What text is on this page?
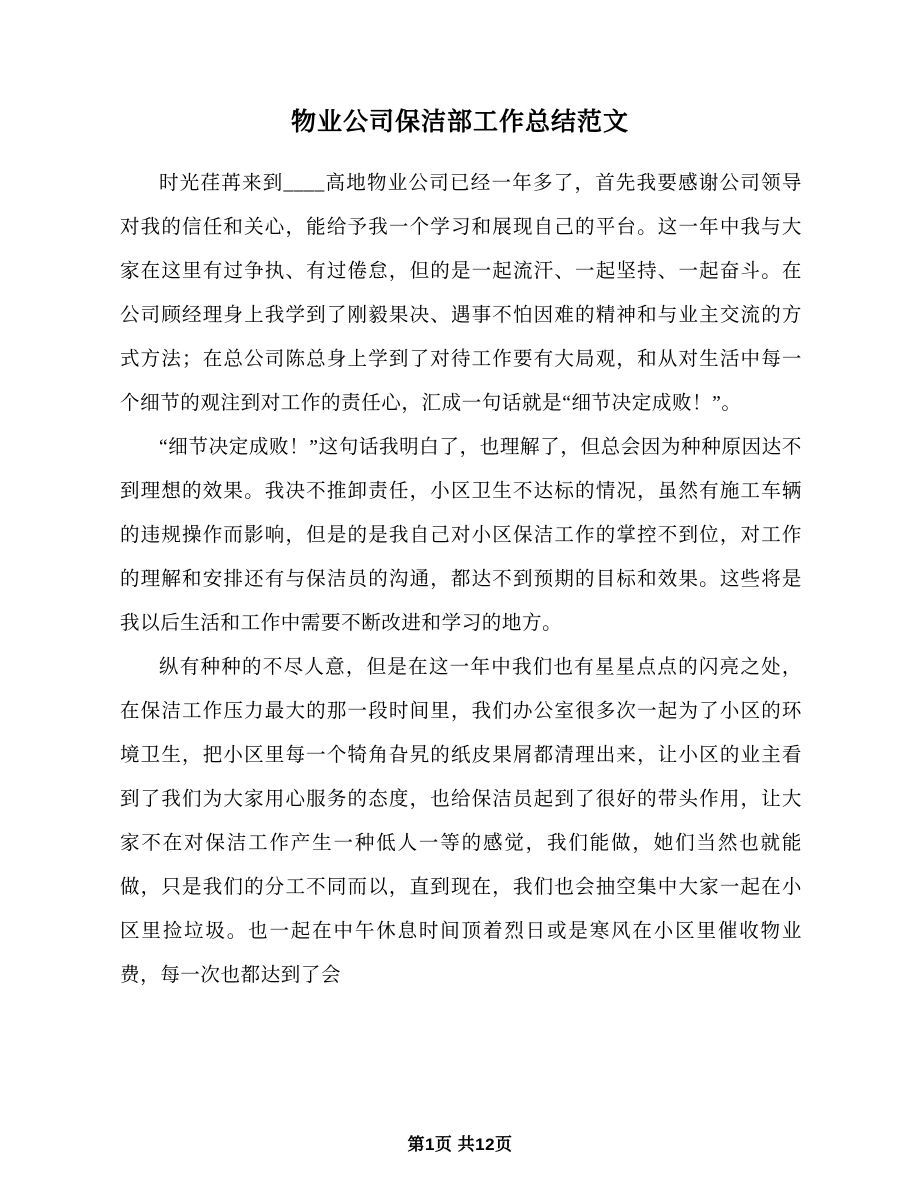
物业公司保洁部工作总结范文

时光荏苒来到____高地物业公司已经一年多了，首先我要感谢公司领导对我的信任和关心，能给予我一个学习和展现自己的平台。这一年中我与大家在这里有过争执、有过倦怠，但的是一起流汗、一起坚持、一起奋斗。在公司顾经理身上我学到了刚毅果决、遇事不怕因难的精神和与业主交流的方式方法；在总公司陈总身上学到了对待工作要有大局观，和从对生活中每一个细节的观注到对工作的责任心，汇成一句话就是“细节决定成败！”。

“细节决定成败！”这句话我明白了，也理解了，但总会因为种种原因达不到理想的效果。我决不推卸责任，小区卫生不达标的情况，虽然有施工车辆的违规操作而影响，但是的是我自己对小区保洁工作的掌控不到位，对工作的理解和安排还有与保洁员的沟通，都达不到预期的目标和效果。这些将是我以后生活和工作中需要不断改进和学习的地方。

纵有种种的不尽人意，但是在这一年中我们也有星星点点的闪亮之处，在保洁工作压力最大的那一段时间里，我们办公室很多次一起为了小区的环境卫生，把小区里每一个犄角旮旯的纸皮果屑都清理出来，让小区的业主看到了我们为大家用心服务的态度，也给保洁员起到了很好的带头作用，让大家不在对保洁工作产生一种低人一等的感觉，我们能做，她们当然也就能做，只是我们的分工不同而以，直到现在，我们也会抽空集中大家一起在小区里捡垃圾。也一起在中午休息时间顶着烈日或是寒风在小区里催收物业费，每一次也都达到了会

第1页 共12页
